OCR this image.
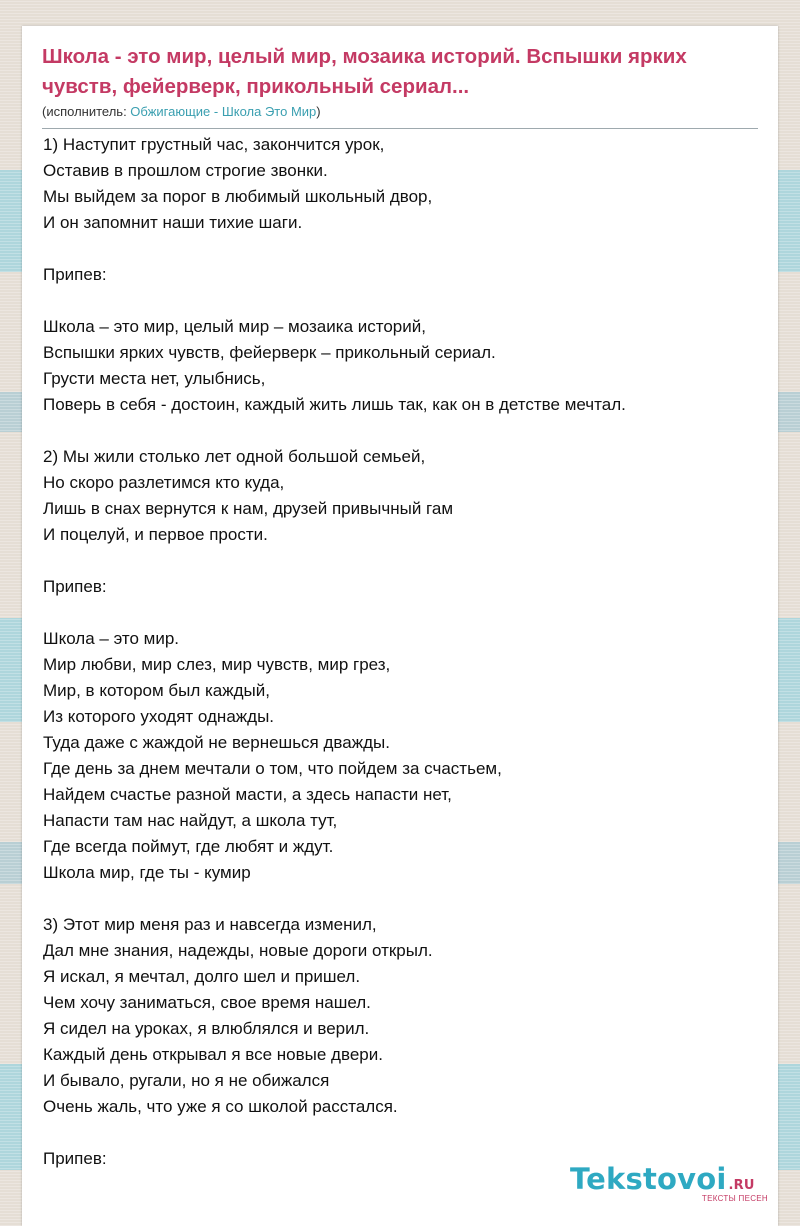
Школа - это мир, целый мир, мозаика историй. Вспышки ярких чувств, фейерверк, прикольный сериал...
(исполнитель: Обжигающие - Школа Это Мир)
1) Наступит грустный час, закончится урок,
Оставив в прошлом строгие звонки.
Мы выйдем за порог в любимый школьный двор,
И он запомнит наши тихие шаги.
Припев:
Школа – это мир, целый мир – мозаика историй,
Вспышки ярких чувств, фейерверк – прикольный сериал.
Грусти места нет, улыбнись,
Поверь в себя - достоин, каждый жить лишь так, как он в детстве мечтал.
2) Мы жили столько лет одной большой семьей,
Но скоро разлетимся кто куда,
Лишь в снах вернутся к нам, друзей привычный гам
И поцелуй, и первое прости.
Припев:
Школа – это мир.
Мир любви, мир слез, мир чувств, мир грез,
Мир, в котором был каждый,
Из которого уходят однажды.
Туда даже с жаждой не вернешься дважды.
Где день за днем мечтали о том, что пойдем за счастьем,
Найдем счастье разной масти, а здесь напасти нет,
Напасти там нас найдут, а школа тут,
Где всегда поймут, где любят и ждут.
Школа мир, где ты - кумир
3) Этот мир меня раз и навсегда изменил,
Дал мне знания, надежды, новые дороги открыл.
Я искал, я мечтал, долго шел и пришел.
Чем хочу заниматься, свое время нашел.
Я сидел на уроках, я влюблялся и верил.
Каждый день открывал я все новые двери.
И бывало, ругали, но я не обижался
Очень жаль, что уже я со школой расстался.
Припев:
Tekstovoi .RU
ТЕКСТЫ ПЕСЕН
